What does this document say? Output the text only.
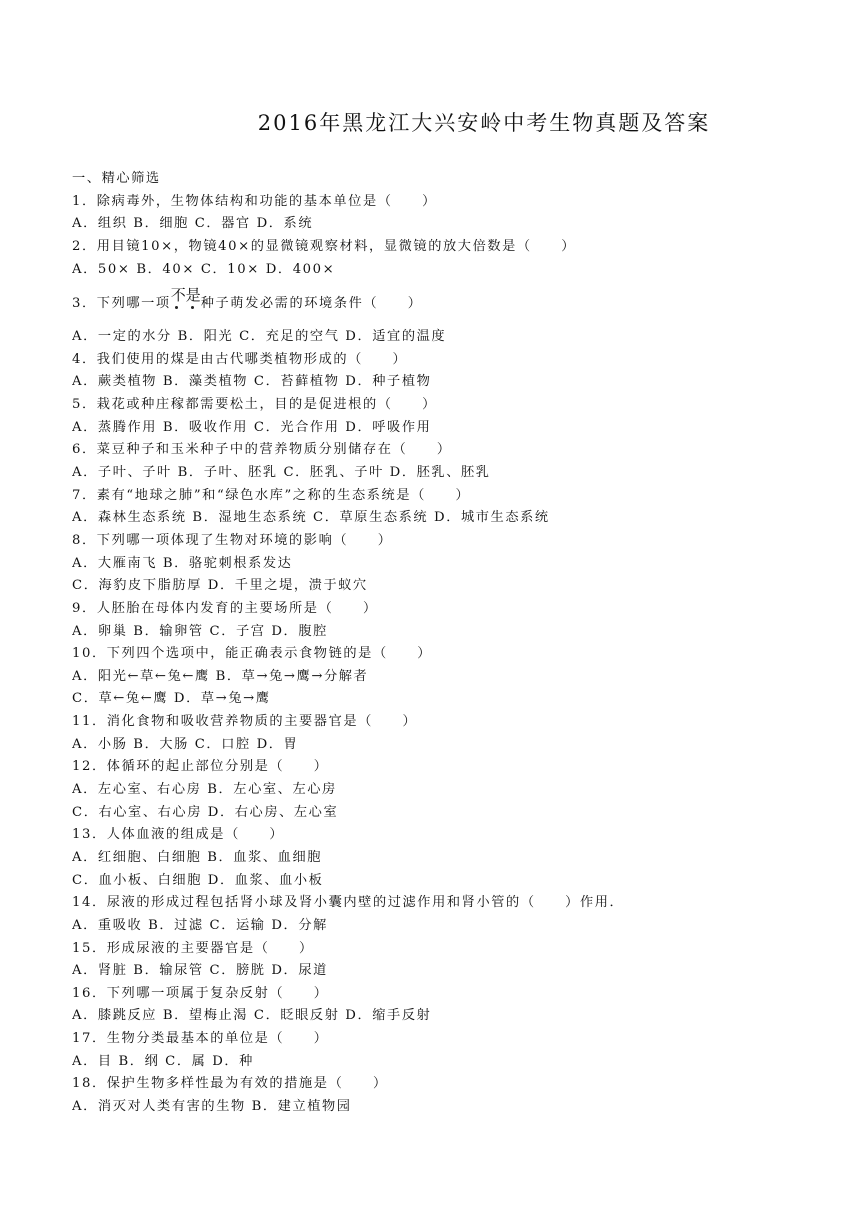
2016年黑龙江大兴安岭中考生物真题及答案
一、精心筛选
1．除病毒外，生物体结构和功能的基本单位是（　　）
A．组织 B．细胞 C．器官 D．系统
2．用目镜10×，物镜40×的显微镜观察材料，显微镜的放大倍数是（　　）
A．50× B．40× C．10× D．400×
3．下列哪一项不是
种子萌发必需的环境条件（　　）
A．一定的水分 B．阳光 C．充足的空气 D．适宜的温度
4．我们使用的煤是由古代哪类植物形成的（　　）
A．蕨类植物 B．藻类植物 C．苔藓植物 D．种子植物
5．栽花或种庄稼都需要松土，目的是促进根的（　　）
A．蒸腾作用 B．吸收作用 C．光合作用 D．呼吸作用
6．菜豆种子和玉米种子中的营养物质分别储存在（　　）
A．子叶、子叶 B．子叶、胚乳 C．胚乳、子叶 D．胚乳、胚乳
7．素有“地球之肺”和“绿色水库”之称的生态系统是（　　）
A．森林生态系统 B．湿地生态系统 C．草原生态系统 D．城市生态系统
8．下列哪一项体现了生物对环境的影响（　　）
A．大雁南飞 B．骆驼刺根系发达
C．海豹皮下脂肪厚 D．千里之堤，溃于蚁穴
9．人胚胎在母体内发育的主要场所是（　　）
A．卵巢 B．输卵管 C．子宫 D．腹腔
10．下列四个选项中，能正确表示食物链的是（　　）
A．阳光←草←兔←鹰 B．草→兔→鹰→分解者
C．草←兔←鹰 D．草→兔→鹰
11．消化食物和吸收营养物质的主要器官是（　　）
A．小肠 B．大肠 C．口腔 D．胃
12．体循环的起止部位分别是（　　）
A．左心室、右心房 B．左心室、左心房
C．右心室、右心房 D．右心房、左心室
13．人体血液的组成是（　　）
A．红细胞、白细胞 B．血浆、血细胞
C．血小板、白细胞 D．血浆、血小板
14．尿液的形成过程包括肾小球及肾小囊内壁的过滤作用和肾小管的（　　）作用．
A．重吸收 B．过滤 C．运输 D．分解
15．形成尿液的主要器官是（　　）
A．肾脏 B．输尿管 C．膀胱 D．尿道
16．下列哪一项属于复杂反射（　　）
A．膝跳反应 B．望梅止渴 C．眨眼反射 D．缩手反射
17．生物分类最基本的单位是（　　）
A．目 B．纲 C．属 D．种
18．保护生物多样性最为有效的措施是（　　）
A．消灭对人类有害的生物 B．建立植物园
